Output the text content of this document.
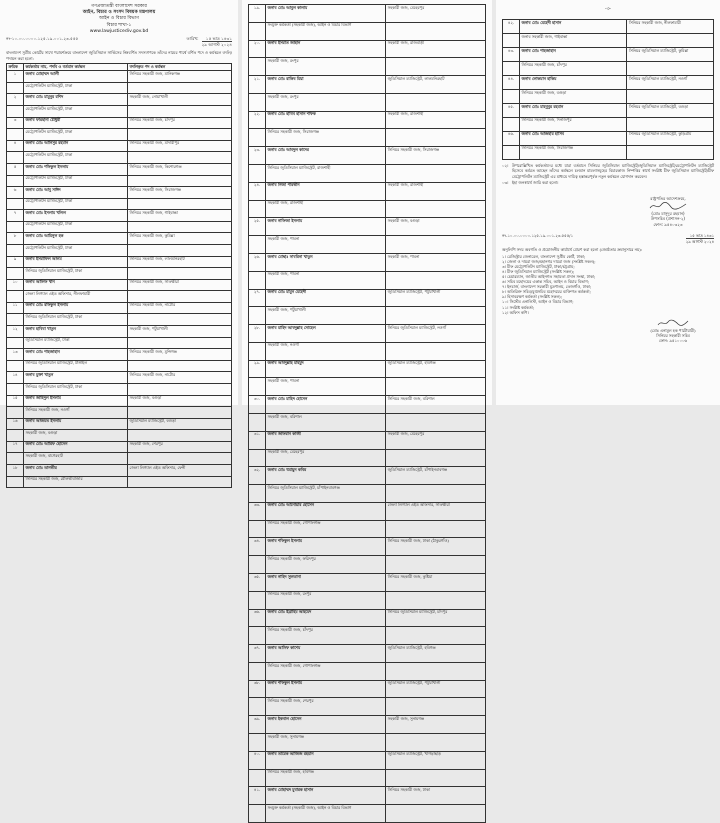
গণপ্রজাতন্ত্রী বাংলাদেশ সরকার
আইন, বিচার ও সংসদ বিষয়ক মন্ত্রণালয়
আইন ও বিচার বিভাগ
বিচার শাখা-১
www.lawjusticediv.gov.bd
নং-১০.০০.০০০০.১২৫.১৯.০০১.২৩.৫৫৫	তারিখ:	১৫ ভাদ্র ১৪৩১
২৯ আগস্ট ২০২৪
বাংলাদেশ সুপ্রীম কোর্টের সাথে পরামর্শক্রমে বাংলাদেশ জুডিসিয়াল সার্ভিসের নিম্নবর্ণিত সদস্যগণকে তাঁদের নামের পার্শ্বে বর্ণিত পদে ও কর্মস্থলে বদলি/পদায়ন করা হলো:
ক্রমিক	কর্মকর্তার নাম, পদবি ও বর্তমান কর্মস্থল	বদলিকৃত পদ ও কর্মস্থল
১	জনাব মোহাম্মদ আলী	সিনিয়র সহকারী জজ, মানিকগঞ্জ
	মেট্রোপলিটন ম্যাজিস্ট্রেট, ঢাকা	
২	জনাব মোঃ মামুনুর রশিদ	সহকারী জজ, নোয়াখালী
	মেট্রোপলিটন ম্যাজিস্ট্রেট, ঢাকা	
৩	জনাব ফারহানা চৌধুরী	সিনিয়র সহকারী জজ, চাঁদপুর
	মেট্রোপলিটন ম্যাজিস্ট্রেট, ঢাকা	
৪	জনাব মোঃ আনিসুর রহমান	সিনিয়র সহকারী জজ, মাদারীপুর
	মেট্রোপলিটন ম্যাজিস্ট্রেট, ঢাকা	
৫	জনাব মোঃ শফিকুল ইসলাম	সিনিয়র সহকারী জজ, কিশোরগঞ্জ
	মেট্রোপলিটন ম্যাজিস্ট্রেট, ঢাকা	
৬	জনাব মোঃ আবু সাঈদ	সিনিয়র সহকারী জজ, সিরাজগঞ্জ
	মেট্রোপলিটন ম্যাজিস্ট্রেট, ঢাকা	
৭	জনাব মোঃ ইসলাম খলিল	সিনিয়র সহকারী জজ, গাইবান্ধা
	মেট্রোপলিটন ম্যাজিস্ট্রেট, ঢাকা	
৮	জনাব মোঃ আমিনুল হক	সিনিয়র সহকারী জজ, কুমিল্লা
	মেট্রোপলিটন ম্যাজিস্ট্রেট, ঢাকা	
৯	জনাব ইসরাফিল আলম	সিনিয়র সহকারী জজ, লালমনিরহাট
	সিনিয়র জুডিসিয়াল ম্যাজিস্ট্রেট, ঢাকা	
১০	জনাব আলিফ খান	সিনিয়র সহকারী জজ, সাতক্ষীরা
	জেলা লিগ্যাল এইড অফিসার, নীলফামারী	
১১	জনাব মোঃ রফিকুল ইসলাম	সিনিয়র সহকারী জজ, নাটোর
	সিনিয়র জুডিসিয়াল ম্যাজিস্ট্রেট, ঢাকা	
১২	জনাব হাবিবা খাতুন	সহকারী জজ, পটুয়াখালী
	জুডিসিয়াল ম্যাজিস্ট্রেট, ঢাকা	
১৩	জনাব মোঃ শাহজাহান	সিনিয়র সহকারী জজ, মুন্সিগঞ্জ
	সিনিয়র জুডিসিয়াল ম্যাজিস্ট্রেট, টাঙ্গাইল	
১৪	জনাব মুক্তা খাতুন	সিনিয়র সহকারী জজ, নাটোর
	সিনিয়র জুডিসিয়াল ম্যাজিস্ট্রেট, ঢাকা	
১৫	জনাব জাহিদুল ইসলাম	সহকারী জজ, বগুড়া
	সিনিয়র সহকারী জজ, নওগাঁ	
১৬	জনাব আজমত ইসলাম	জুডিসিয়াল ম্যাজিস্ট্রেট, বগুড়া
	সহকারী জজ, বগুড়া	
১৭	জনাব মোঃ আরিফ হোসেন	সহকারী জজ, শেরপুর
	সহকারী জজ, বাগেরহাট	
১৮	জনাব মোঃ তানভীর	জেলা লিগ্যাল এইড অফিসার, ফেনী
	সিনিয়র সহকারী জজ, মৌলভীবাজার	
১৯.	জনাব মোঃ আবুল কালাম	সহকারী জজ, মেহেরপুর
	সংযুক্ত কর্মকর্তা (সহকারী জজ), আইন ও বিচার বিভাগ	
২০.	জনাব ইসরাত জাহান	সহকারী জজ, রাজবাড়ী
	সহকারী জজ, রংপুর	
২১.	জনাব মোঃ রাকিব মিয়া	জুডিসিয়াল ম্যাজিস্ট্রেট, লালমনিরহাট
	সহকারী জজ, রংপুর	
২২.	জনাব মোঃ হাবিব হাসান শফিক	সহকারী জজ, রাজশাহী
	সিনিয়র সহকারী জজ, সিরাজগঞ্জ	
২৩.	জনাব মোঃ আবদুল কাদের	সিনিয়র সহকারী জজ, সিরাজগঞ্জ
	সিনিয়র জুডিসিয়াল ম্যাজিস্ট্রেট, রাজশাহী	
২৪.	জনাব নিজা পারভীন	সহকারী জজ, রাজশাহী
	সহকারী জজ, রাজশাহী	
২৫.	জনাব নাফিজা ইসলাম	সহকারী জজ, বগুড়া
	সহকারী জজ, পাবনা	
২৬.	জনাব মোছাঃ সাবরিনা খাতুন	সহকারী জজ, পাবনা
	সহকারী জজ, পাবনা	
২৭.	জনাব মোঃ মামুন মেহেদী	জুডিসিয়াল ম্যাজিস্ট্রেট, পটুয়াখালী
	সহকারী জজ, পটুয়াখালী	
২৮.	জনাব মাহিদ আবদুল্লাহ সোহেল	সিনিয়র জুডিসিয়াল ম্যাজিস্ট্রেট, নওগাঁ
	সহকারী জজ, নওগাঁ	
২৯.	জনাব আবদুল্লাহ মাহমুদ	জুডিসিয়াল ম্যাজিস্ট্রেট, হবিগঞ্জ
	সহকারী জজ, পাবনা	
৩০.	জনাব মোঃ মাহিদ হোসেন	সিনিয়র সহকারী জজ, বরিশাল
	সহকারী জজ, বরিশাল	
৩১.	জনাব জাফরান কাজী	সহকারী জজ, মেহেরপুর
	সহকারী জজ, মেহেরপুর	
৩২.	জনাব মোঃ হুমায়ুন কবির	জুডিসিয়াল ম্যাজিস্ট্রেট, চাঁপাইনবাবগঞ্জ
	সিনিয়র জুডিসিয়াল ম্যাজিস্ট্রেট, চাঁপাইনবাবগঞ্জ	
৩৩.	জনাব মোঃ আনোয়ার হোসেন	জেলা লিগ্যাল এইড অফিসার, সাতক্ষীরা
	সিনিয়র সহকারী জজ, গোপালগঞ্জ	
৩৪.	জনাব শফিকুল ইসলাম	সিনিয়র সহকারী জজ, ঢাকা (ঠাকুরগাঁও)
	সিনিয়র সহকারী জজ, ফরিদপুর	
৩৫.	জনাব নাহিদ সুলতানা	সিনিয়র সহকারী জজ, কুষ্টিয়া
	সিনিয়র সহকারী জজ, রংপুর	
৩৬.	জনাব মোঃ ইব্রাহিম আহমেদ	সিনিয়র জুডিসিয়াল ম্যাজিস্ট্রেট, চাঁদপুর
	সিনিয়র সহকারী জজ, চাঁদপুর	
৩৭.	জনাব আসিফ কাশেম	জুডিসিয়াল ম্যাজিস্ট্রেট, হবিগঞ্জ
	সিনিয়র সহকারী জজ, গোপালগঞ্জ	
৩৮.	জনাব শফিকুল ইসলাম	জুডিসিয়াল ম্যাজিস্ট্রেট, পটুয়াখালী
	সিনিয়র সহকারী জজ, শেরপুর	
৩৯.	জনাব ইকবাল হোসেন	সহকারী জজ, সুনামগঞ্জ
	সহকারী জজ, সুনামগঞ্জ	
৪০.	জনাব তারেক আজিজ রহমান	জুডিসিয়াল ম্যাজিস্ট্রেট, খাগড়াছড়ি
	সিনিয়র সহকারী জজ, হবিগঞ্জ	
৪১.	জনাব মোহাম্মদ মুবারক হাসান	সিনিয়র সহকারী জজ, ঢাকা
	সংযুক্ত কর্মকর্তা (সহকারী জজ), আইন ও বিচার বিভাগ	
-৩-
৪২.	জনাব মোঃ মেহেদী হাসান	সিনিয়র সহকারী জজ, নীলফামারী
	জনাব সহকারী জজ, গাইবান্ধা	
৪৩.	জনাব মোঃ শাহজাহান	সিনিয়র জুডিসিয়াল ম্যাজিস্ট্রেট, কুমিল্লা
	সিনিয়র সহকারী জজ, চাঁদপুর	
৪৪.	জনাব লোকমান হাকিম	সিনিয়র জুডিসিয়াল ম্যাজিস্ট্রেট, নওগাঁ
	সিনিয়র সহকারী জজ, বগুড়া	
৪৫.	জনাব মোঃ মাহবুবুর রহমান	সিনিয়র জুডিসিয়াল ম্যাজিস্ট্রেট, বগুড়া
	সিনিয়র সহকারী জজ, দিনাজপুর	
৪৬.	জনাব মোঃ আজহার হাসিব	সিনিয়র জুডিসিয়াল ম্যাজিস্ট্রেট, কুড়িগ্রাম
	সিনিয়র সহকারী জজ, সিরাজগঞ্জ	
০২। উপরোল্লিখিত কর্মকর্তাদের মধ্যে যারা বর্তমানে সিনিয়র জুডিসিয়াল ম্যাজিস্ট্রেট/জুডিসিয়াল ম্যাজিস্ট্রেট/মেট্রোপলিটন ম্যাজিস্ট্রেট হিসেবে কর্মরত আছেন তাঁদের কর্মস্থলে চলমান মামলাসমূহের বিচারকাজ নিষ্পত্তির স্বার্থে সংশ্লিষ্ট চীফ জুডিসিয়াল ম্যাজিস্ট্রেট/চীফ মেট্রোপলিটন ম্যাজিস্ট্রেট এর মাধ্যমে দায়িত্ব হস্তান্তরপূর্বক নতুন কর্মস্থলে যোগদান করবেন।
০৩। ইহা জনস্বার্থে জারি করা হলো।
রাষ্ট্রপতির আদেশক্রমে,
(মোঃ মাসুদুর রহমান)
উপসচিব (প্রশাসন-২)
ফোন: ৯৫৪০৩২৩
নং-১০.০০.০০০০.১২৫.১৯.০০১.২৩.৫৫৫/১	১৫ ভাদ্র ১৪৩১
২৯ আগস্ট ২০২৪
অনুলিপি সদয় অবগতি ও প্রয়োজনীয় কার্যার্থে প্রেরণ করা হলো (জ্যেষ্ঠতার ক্রমানুসারে নয়):
১। রেজিস্ট্রার জেনারেল, বাংলাদেশ সুপ্রীম কোর্ট, ঢাকা;
২। জেলা ও দায়রা জজ/মহানগর দায়রা জজ (সংশ্লিষ্ট সকল);
৩। চীফ মেট্রোপলিটন ম্যাজিস্ট্রেট, ঢাকা/চট্টগ্রাম;
৪। চীফ জুডিসিয়াল ম্যাজিস্ট্রেট (সংশ্লিষ্ট সকল);
৫। চেয়ারম্যান, জাতীয় আইনগত সহায়তা প্রদান সংস্থা, ঢাকা;
৬। সচিব মহোদয়ের একান্ত সচিব, আইন ও বিচার বিভাগ;
৭। ইনচার্জ, বাংলাদেশ সরকারী মুদ্রণালয়, তেজগাঁও, ঢাকা;
৮। অতিরিক্ত সচিব/যুগ্মসচিব মহোদয়ের ব্যক্তিগত কর্মকর্তা;
৯। হিসাবরক্ষণ কর্মকর্তা (সংশ্লিষ্ট সকল);
১০। সিস্টেম এনালিস্ট, আইন ও বিচার বিভাগ;
১১। সংশ্লিষ্ট কর্মকর্তা;
১২। অফিস কপি।
(মোঃ এনামুল হক পাটোয়ারী)
সিনিয়র সহকারী সচিব
ফোন: ৯৫১০০০৬
